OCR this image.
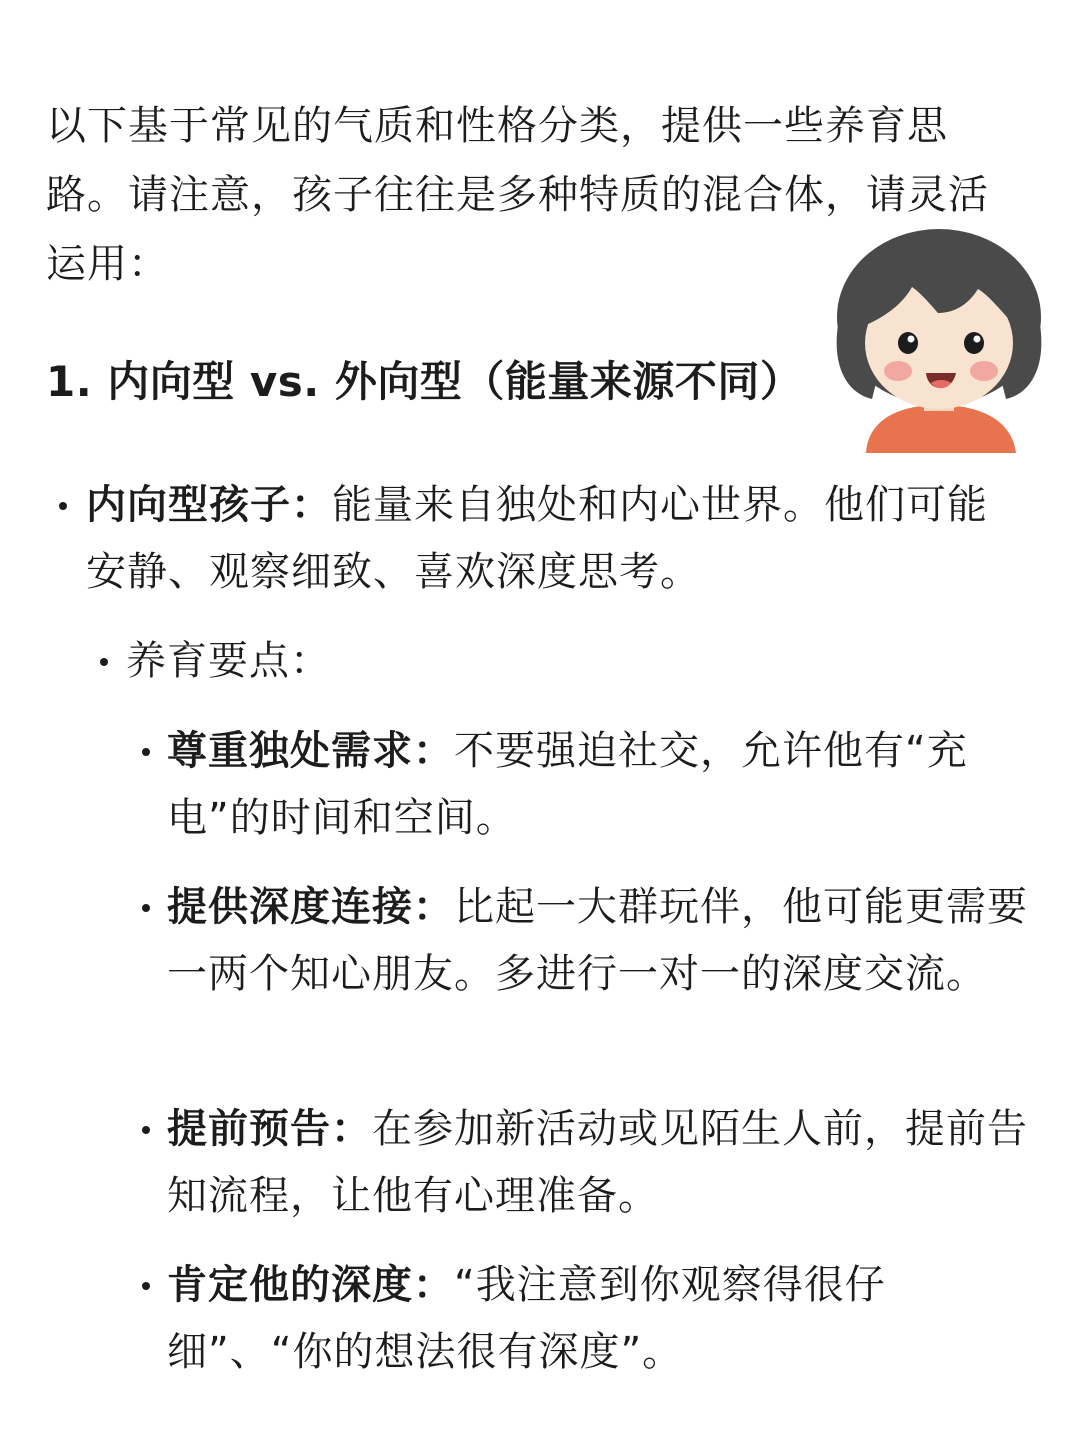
以下基于常见的气质和性格分类，提供一些养育思路。请注意，孩子往往是多种特质的混合体，请灵活运用：

1. 内向型 vs. 外向型（能量来源不同）
内向型孩子：能量来自独处和内心世界。他们可能安静、观察细致、喜欢深度思考。
养育要点：
尊重独处需求：不要强迫社交，允许他有“充电”的时间和空间。
提供深度连接：比起一大群玩伴，他可能更需要一两个知心朋友。多进行一对一的深度交流。
提前预告：在参加新活动或见陌生人前，提前告知流程，让他有心理准备。
肯定他的深度：“我注意到你观察得很仔细”、“你的想法很有深度”。
